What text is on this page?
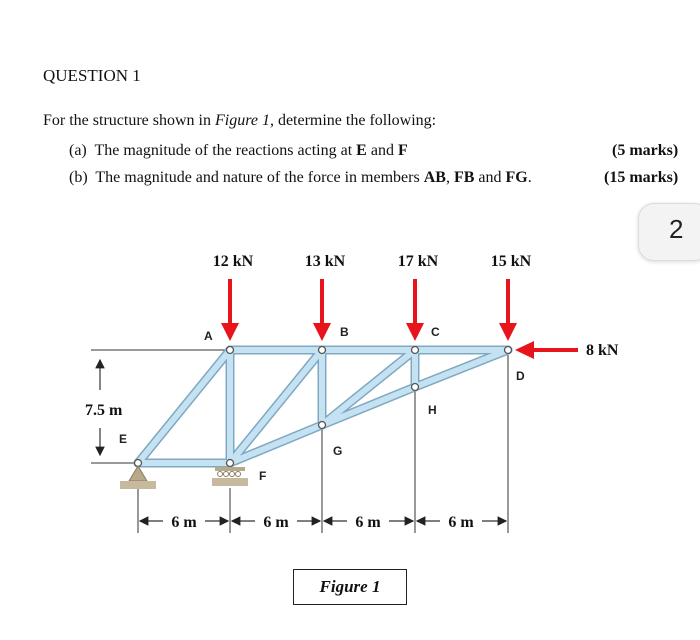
QUESTION 1
For the structure shown in Figure 1, determine the following:
(a) The magnitude of the reactions acting at E and F	(5 marks)
(b) The magnitude and nature of the force in members AB, FB and FG.	(15 marks)
2
12 kN	13 kN	17 kN	15 kN
8 kN
A	B	C
D
E
F
G
H
7.5 m
6 m	6 m	6 m	6 m
Figure 1
